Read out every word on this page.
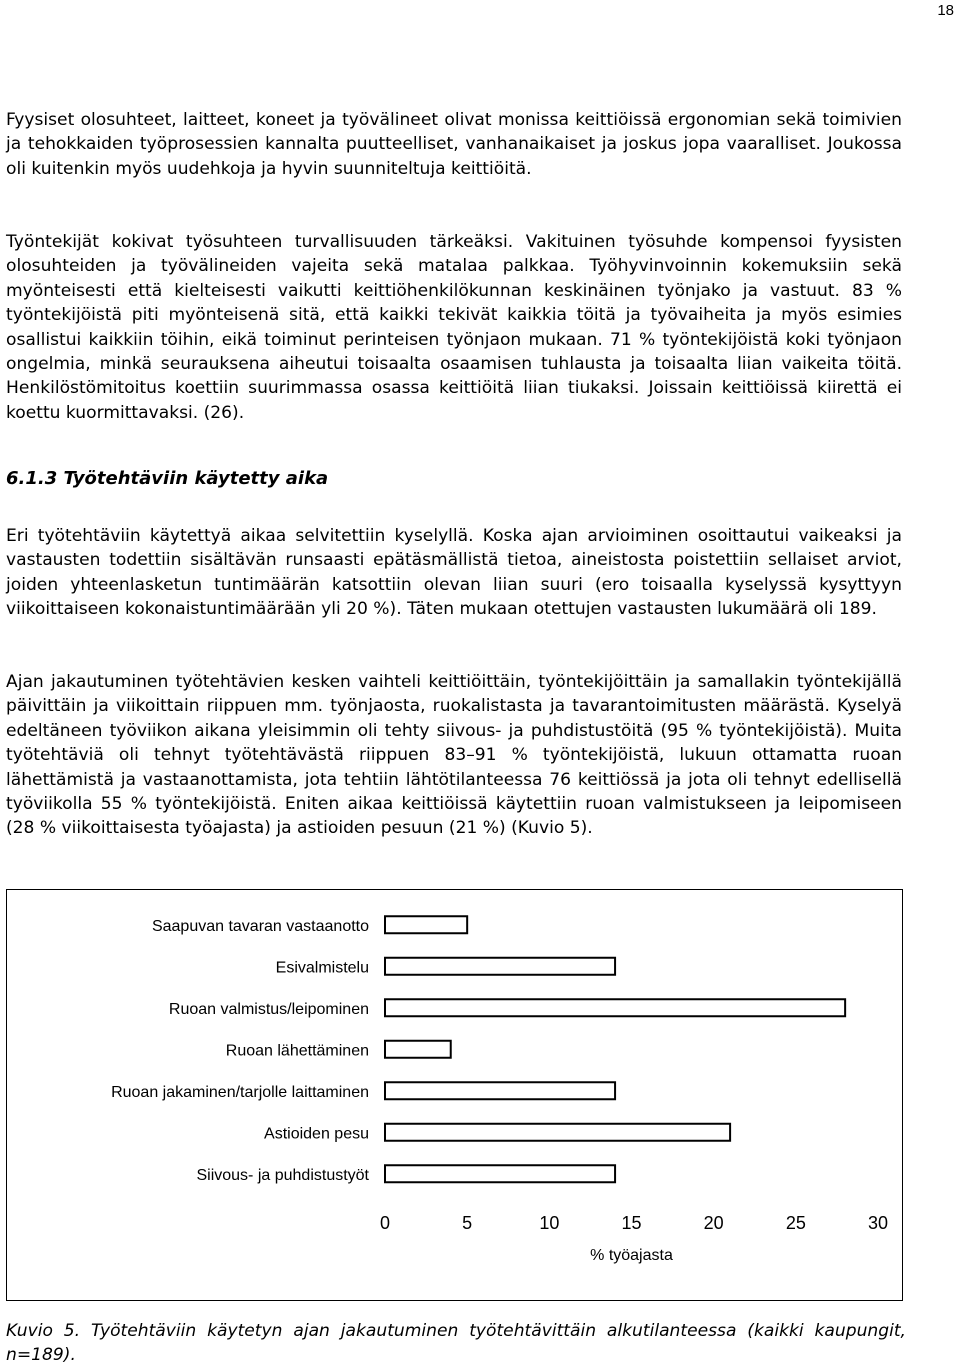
18

Fyysiset olosuhteet, laitteet, koneet ja työvälineet olivat monissa keittiöissä ergonomian sekä toimivien ja tehokkaiden työprosessien kannalta puutteelliset, vanhanaikaiset ja joskus jopa vaaralliset. Joukossa oli kuitenkin myös uudehkoja ja hyvin suunniteltuja keittiöitä.

Työntekijät kokivat työsuhteen turvallisuuden tärkeäksi. Vakituinen työsuhde kompensoi fyysisten olosuhteiden ja työvälineiden vajeita sekä matalaa palkkaa. Työhyvinvoinnin kokemuksiin sekä myönteisesti että kielteisesti vaikutti keittiöhenkilökunnan keskinäinen työnjako ja vastuut. 83 % työntekijöistä piti myönteisenä sitä, että kaikki tekivät kaikkia töitä ja työvaiheita ja myös esimies osallistui kaikkiin töihin, eikä toiminut perinteisen työnjaon mukaan. 71 % työntekijöistä koki työnjaon ongelmia, minkä seurauksena aiheutui toisaalta osaamisen tuhlausta ja toisaalta liian vaikeita töitä. Henkilöstömitoitus koettiin suurimmassa osassa keittiöitä liian tiukaksi. Joissain keittiöissä kiirettä ei koettu kuormittavaksi. (26).

6.1.3 Työtehtäviin käytetty aika

Eri työtehtäviin käytettyä aikaa selvitettiin kyselyllä. Koska ajan arvioiminen osoittautui vaikeaksi ja vastausten todettiin sisältävän runsaasti epätäsmällistä tietoa, aineistosta poistettiin sellaiset arviot, joiden yhteenlasketun tuntimäärän katsottiin olevan liian suuri (ero toisaalla kyselyssä kysyttyyn viikoittaiseen kokonaistuntimäärään yli 20 %). Täten mukaan otettujen vastausten lukumäärä oli 189.

Ajan jakautuminen työtehtävien kesken vaihteli keittiöittäin, työntekijöittäin ja samallakin työntekijällä päivittäin ja viikoittain riippuen mm. työnjaosta, ruokalistasta ja tavarantoimitusten määrästä. Kyselyä edeltäneen työviikon aikana yleisimmin oli tehty siivous- ja puhdistustöitä (95 % työntekijöistä). Muita työtehtäviä oli tehnyt työtehtävästä riippuen 83–91 % työntekijöistä, lukuun ottamatta ruoan lähettämistä ja vastaanottamista, jota tehtiin lähtötilanteessa 76 keittiössä ja jota oli tehnyt edellisellä työviikolla 55 % työntekijöistä. Eniten aikaa keittiöissä käytettiin ruoan valmistukseen ja leipomiseen (28 % viikoittaisesta työajasta) ja astioiden pesuun (21 %) (Kuvio 5).

Saapuvan tavaran vastaanotto
Esivalmistelu
Ruoan valmistus/leipominen
Ruoan lähettäminen
Ruoan jakaminen/tarjolle laittaminen
Astioiden pesu
Siivous- ja puhdistustyöt
0	5	10	15	20	25	30
% työajasta

Kuvio 5. Työtehtäviin käytetyn ajan jakautuminen työtehtävittäin alkutilanteessa (kaikki kaupungit, n=189).
